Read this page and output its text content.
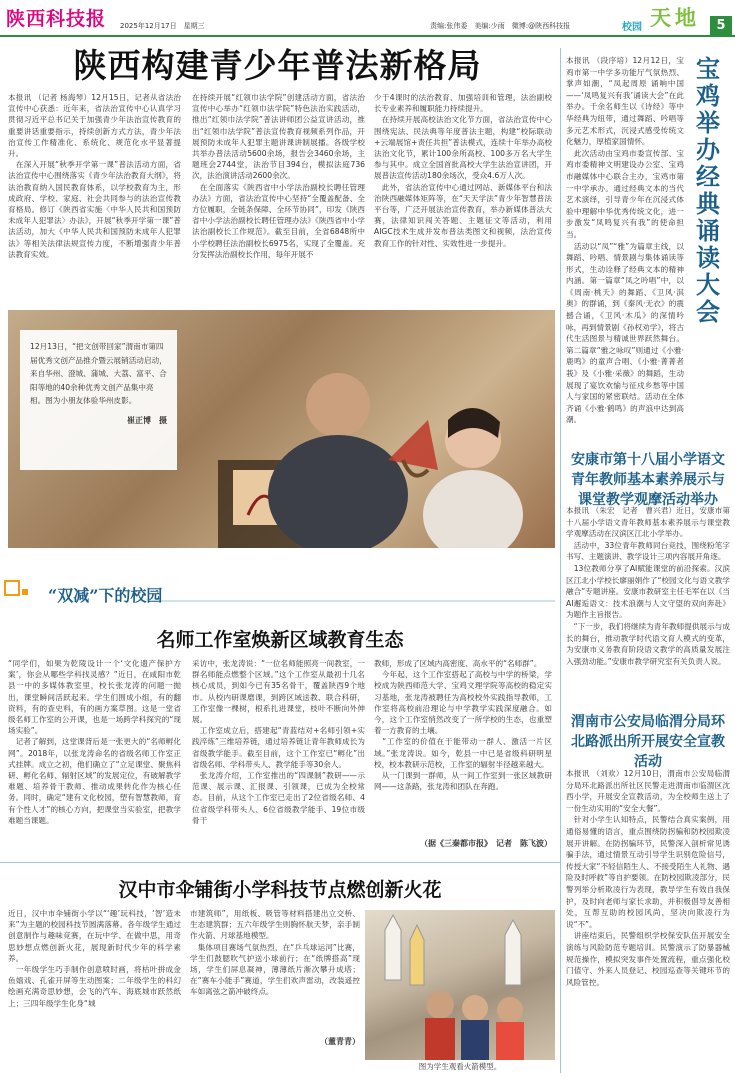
陕西科技报 2025年12月17日　星期三	责编:张伟委　美编:少雨　微博:@陕西科技报	校园 天地	5
陕西构建青少年普法新格局
本报讯 （记者 杨海琴）12月15日，记者从省法治宣传中心获悉：近年来，省法治宣传中心认真学习贯彻习近平总书记关于加强青少年法治宣传教育的重要讲话重要指示，持续创新方式方法，青少年法治宣传工作精准化、系统化、规范化水平显著提升。
　在深入开展“秋季开学第一课”普法活动方面，省法治宣传中心围绕落实《青少年法治教育大纲》，将法治教育纳入国民教育体系，以学校教育为主，形成政府、学校、家庭、社会共同参与的法治宣传教育格局。修订《陕西省实施〈中华人民共和国预防未成年人犯罪法〉办法》，开展“秋季开学第一课”普法活动，加大《中华人民共和国预防未成年人犯罪法》等相关法律法规宣传力度，不断增强青少年普法教育实效。
在持续开展“红领巾法学院”创建活动方面，省法治宣传中心举办“红领巾法学院”特色法治实践活动，推出“红领巾法学院”普法讲师团公益宣讲活动，推出“红领巾法学院”普法宣传教育视频系列作品，开展预防未成年人犯罪主题讲课讲制展播。各级学校共举办普法活动5600余场，报告会3460余场，主题班会2744堂，法治节目394台，模拟法庭736次，法治演讲活动2600余次。
　在全面落实《陕西省中小学法治副校长聘任管理办法》方面，省法治宣传中心坚持“全覆盖配备、全方位履职，全链条保障、全环节协同”，印发《陕西省中小学法治副校长聘任管理办法》《陕西省中小学法治副校长工作规范》。截至目前，全省6848所中小学校聘任法治副校长6975名，实现了全覆盖。充分发挥法治副校长作用，每年开展不
少于4课时的法治教育、加强培训和管理，法治副校长专业素养和履职能力持续提升。
　在持续开展高校法治文化节方面，省法治宣传中心围绕宪法、民法典等年度普法主题，构建“校际联动+云端展馆+责任共担”普法模式，连续十年举办高校法治文化节，累计100余所高校、100多万名大学生参与其中。成立全国首批高校大学生法治宣讲团，开展普法宣传活动180余场次，受众4.6万人次。
　此外，省法治宣传中心通过网站、新媒体平台和法治陕西融媒体矩阵等，在“天天学法”青少年智慧普法平台等，广泛开展法治宣传教育，举办新媒体普法大赛，法律知识闯关答题、主题征文等活动，利用AIGC技术生成并发布普法类图文和视频，法治宣传教育工作的针对性、实效性进一步提升。
12月13日，“把文创带回家”渭南市第四届优秀文创产品推介暨云展销活动启动，来自华州、澄城、蒲城、大荔、富平、合阳等地的40余种优秀文创产品集中亮相。图为小朋友体验华州皮影。
崔正博　摄
宝鸡举办经典诵读大会
本报讯 （段序培）12月12日，宝鸡市第一中学多功能厅气氛热烈、掌声如潮，“凤起周原 诵响中国——‘凤鸣复兴有我’诵读大会”在此举办。千余名师生以《诗经》等中华经典为纽带，通过舞蹈、吟唱等多元艺术形式，沉浸式感受传统文化魅力，厚植家国情怀。
　此次活动由宝鸡市委宣传部、宝鸡市委精神文明建设办公室、宝鸡市融媒体中心联合主办，宝鸡市第一中学承办。通过经典文本的当代艺术演绎，引导青少年在沉浸式体验中理解中华优秀传统文化，进一步激发“凤鸣复兴有我”的使命担当。
　活动以“凤”“雅”为篇章主线，以舞蹈、吟唱、情景剧与集体诵读等形式，生动诠释了经典文本的精神内涵。第一篇章“凤之吟唱”中，以《周南·桃夭》的舞蹈、《卫风·淇奥》的群诵，到《秦风·无衣》的震撼合诵，《卫风·木瓜》的深情吟咏，再到情景剧《孙权劝学》，将古代生活图景与精诚世界跃然舞台。第二篇章“雅之咏叹”则通过《小雅·鹿鸣》的童声合唱、《小雅·菁菁者莪》及《小雅·采薇》的舞蹈，生动展现了宴饮欢愉与征戍乡愁等中国人与家国的紧密联结。活动在全体齐诵《小雅·鹤鸣》的声浪中达到高潮。
安康市第十八届小学语文青年教师基本素养展示与课堂教学观摩活动举办
本报讯 （朱宏　记者　曹兴君）近日，安康市第十八届小学语文青年教师基本素养展示与课堂教学观摩活动在汉滨区江北小学举办。
　活动中，33位青年教师同台竞技，围绕粉笔字书写、主题演讲、教学设计三项内容展开角逐。
　13位教师分享了AI赋能课堂的前沿探索。汉滨区江北小学校长廖丽娟作了“校园文化与语文教学融合”专题讲座。安康市教研室主任毛军在以《当AI邂逅语文：技术浪潮与人文守望的双向奔赴》为题作主旨报告。
　“下一步，我们将继续为青年教师提供展示与成长的舞台，推动教学时代语文育人模式的变革，为安康市义务教育阶段语文教学的高质量发展注入强劲动能。”安康市教学研究室有关负责人说。
渭南市公安局临渭分局环北路派出所开展安全宣教活动
本报讯 （刘欢）12月10日，渭南市公安局临渭分局环北路派出所社区民警走进渭南市临渭区沈西小学，开展安全宣教活动，为全校师生送上了一份生动实用的“安全大餐”。
　针对小学生认知特点，民警结合真实案例，用通俗易懂的语言，重点围绕防拐骗和防校园欺凌展开讲解。在防拐骗环节，民警深入剖析常见诱骗手法，通过情景互动引导学生识别危险信号，传授大家“不轻信陌生人、不接受陌生人礼物、遇险及时呼救”等自护要领。在防校园欺凌部分，民警列举分析欺凌行为表现，教导学生有效自我保护，及时向老师与家长求助，并积极倡导友善相处，互帮互助的校园风尚，坚决向欺凌行为说“不”。
　讲座结束后，民警组织学校保安队伍开展安全演练与风险防范专题培训。民警演示了防暴器械规范操作，模拟突发事件处置流程，重点强化校门值守、外来人员登记、校园巡查等关键环节的风险管控。
“双减”下的校园
名师工作室焕新区域教育生态
“同学们，如果为乾陵设计一个‘文化遗产保护方案’，你会从哪些学科找灵感？”近日，在咸阳市乾县一中的多媒体教室里，校长张龙涛的问题一抛出，课堂瞬间活跃起来。学生们围成小组，有的翻资料，有的查史料，有的画方案草图。这是一堂省级名师工作室的公开课，也是一场跨学科探究的“现场实验”。
　记者了解到，这堂课背后是一张更大的“名师孵化网”。2018年，以张龙涛命名的省级名师工作室正式挂牌。成立之初，他们确立了“立足课堂、聚焦科研、孵化名师、辐射区域”的发展定位，有破解教学难题、培养骨干教师、推动成果转化作为核心任务。同时，确定“建有文化校园，塑有智慧教师，育有个性人才”的核心方向，把课堂当实验室，把教学难题当课题。
采访中，张龙涛说：“一位名师能照亮一间教室，一群名师能点燃整个区域。”这个工作室从最初十几名核心成员，到如今已有35名骨干，覆盖陕西9个地市。从校内研课磨课，到跨区域送教、联合科研，工作室像一棵树，根系扎进课堂，枝叶不断向外伸展。
　工作室成立后，搭建起“青蓝结对+名师引领+实践淬炼”三维培养链，通过培养链让青年教师成长为省级教学能手。截至目前，这个工作室已“孵化”出省级名师、学科带头人、教学能手等30余人。
　张龙涛介绍，工作室推出的“四课制”教研——示范课、展示课、汇报课、引领课，已成为全校常态。目前，从这个工作室已走出了2位省级名师、4位省级学科带头人、6位省级教学能手、19位市级骨干
教师，形成了区域内高密度、高水平的“名师群”。
　今年起，这个工作室搭起了高校与中学的桥梁，学校成为陕西师范大学、宝鸡文理学院等高校的稳定实习基地，张龙涛被聘任为高校校外实践指导教师，工作室将高校前沿理论与中学教学实践深度融合。如今，这个工作室悄然改变了一所学校的生态，也重塑着一方教育的土壤。
　“工作室的价值在于能带动一群人、激活一片区域。”张龙涛说。如今，乾县一中已是省级科研明星校，校本教研示范校，工作室的辐射半径越来越大。
　从一门课到一群师，从一间工作室到一张区域教研网——这条路，张龙涛和团队在奔跑。
（据《三秦都市报》　记者　陈飞波）
汉中市伞铺街小学科技节点燃创新火花
近日，汉中市伞铺街小学以“‘趣’玩科技，‘智’造未来”为主题的校园科技节圆满落幕。各年级学生通过创意制作与趣味竞赛，在玩中学、在做中思，用奇思妙想点燃创新火花，展现新时代少年的科学素养。
　一年级学生巧手制作创意喷时画，将枯叶拼成金鱼嬉戏、孔雀开屏等生动图案；二年级学生的科幻绘画充满奇思妙想，会飞的汽车、海底城市跃然纸上；三四年级学生化身“城
市建筑师”，用纸板、吸管等材料搭建出立交桥、生态建筑群；五六年级学生则胸怀航天梦，亲手制作火箭、月球基地模型。
　集体项目赛场气氛热烈，在“乒乓球运河”比赛，学生们鼓腮吹气护送小球前行；在“纸牌搭高”现场，学生们屏息凝神，薄薄纸片渐次攀升成塔；在“赛车小能手”赛道，学生们欢声雷动，改装遥控车如离弦之箭冲破终点。
（董青青）
图为学生观看火箭模型。
